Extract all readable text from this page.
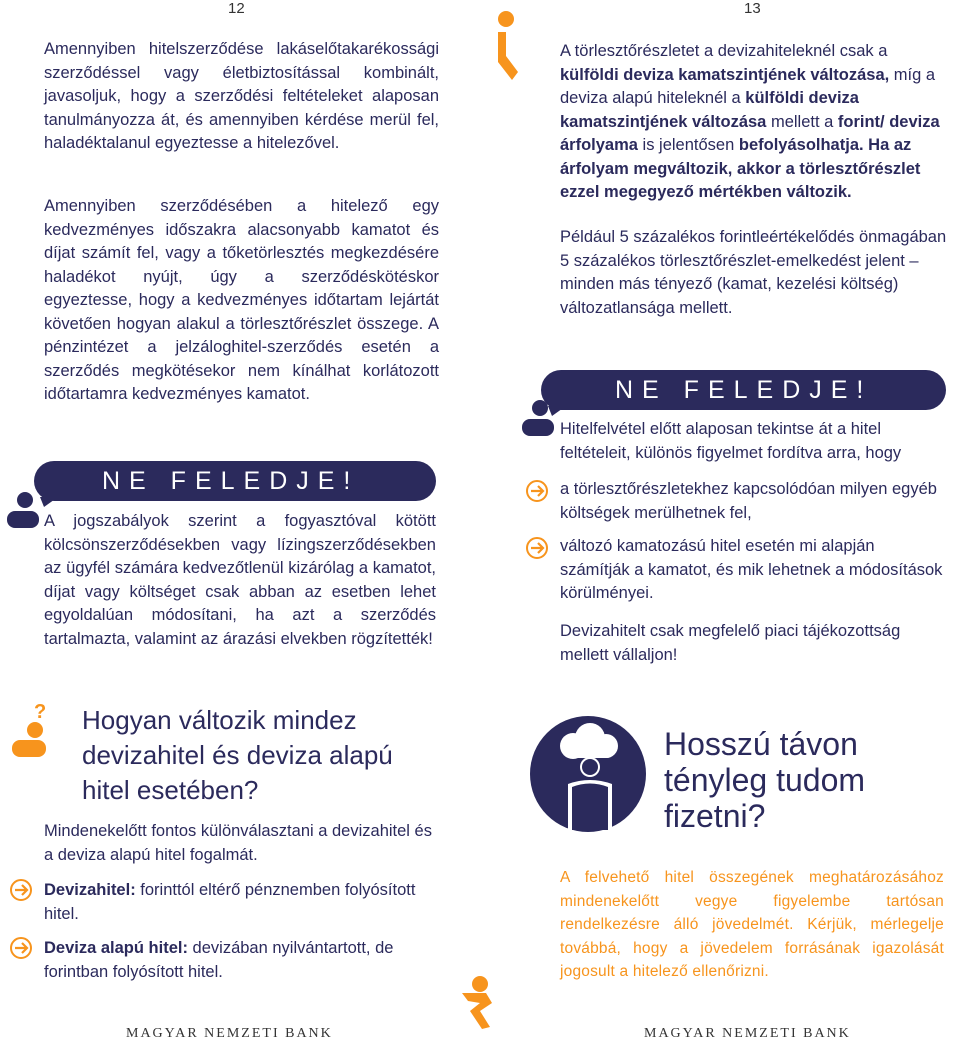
12
Amennyiben hitelszerződése lakáselőtakarékossági szerződéssel vagy életbiztosítással kombinált, javasoljuk, hogy a szerződési feltételeket alaposan tanulmányozza át, és amennyiben kérdése merül fel, haladéktalanul egyeztesse a hitelezővel.
Amennyiben szerződésében a hitelező egy kedvezményes időszakra alacsonyabb kamatot és díjat számít fel, vagy a tőketörlesztés megkezdésére haladékot nyújt, úgy a szerződéskötéskor egyeztesse, hogy a kedvezményes időtartam lejártát követően hogyan alakul a törlesztőrészlet összege. A pénzintézet a jelzáloghitel-szerződés esetén a szerződés megkötésekor nem kínálhat korlátozott időtartamra kedvezményes kamatot.
NE FELEDJE!
A jogszabályok szerint a fogyasztóval kötött kölcsönszerződésekben vagy lízingszerződésekben az ügyfél számára kedvezőtlenül kizárólag a kamatot, díjat vagy költséget csak abban az esetben lehet egyoldalúan módosítani, ha azt a szerződés tartalmazta, valamint az árazási elvekben rögzítették!
? Hogyan változik mindez devizahitel és deviza alapú hitel esetében?
Mindenekelőtt fontos különválasztani a devizahitel és a deviza alapú hitel fogalmát.
Devizahitel: forinttól eltérő pénznemben folyósított hitel.
Deviza alapú hitel: devizában nyilvántartott, de forintban folyósított hitel.
MAGYAR NEMZETI BANK
13
A törlesztőrészletet a devizahiteleknél csak a külföldi deviza kamatszintjének változása, míg a deviza alapú hiteleknél a külföldi deviza kamatszintjének változása mellett a forint/ deviza árfolyama is jelentősen befolyásolhatja. Ha az árfolyam megváltozik, akkor a törlesztőrészlet ezzel megegyező mértékben változik.
Például 5 százalékos forintleértékelődés önmagában 5 százalékos törlesztőrészlet-emelkedést jelent – minden más tényező (kamat, kezelési költség) változatlansága mellett.
NE FELEDJE!
Hitelfelvétel előtt alaposan tekintse át a hitel feltételeit, különös figyelmet fordítva arra, hogy
a törlesztőrészletekhez kapcsolódóan milyen egyéb költségek merülhetnek fel,
változó kamatozású hitel esetén mi alapján számítják a kamatot, és mik lehetnek a módosítások körülményei.
Devizahitelt csak megfelelő piaci tájékozottság mellett vállaljon!
Hosszú távon tényleg tudom fizetni?
A felvehető hitel összegének meghatározásához mindenekelőtt vegye figyelembe tartósan rendelkezésre álló jövedelmét. Kérjük, mérlegelje továbbá, hogy a jövedelem forrásának igazolását jogosult a hitelező ellenőrizni.
MAGYAR NEMZETI BANK
